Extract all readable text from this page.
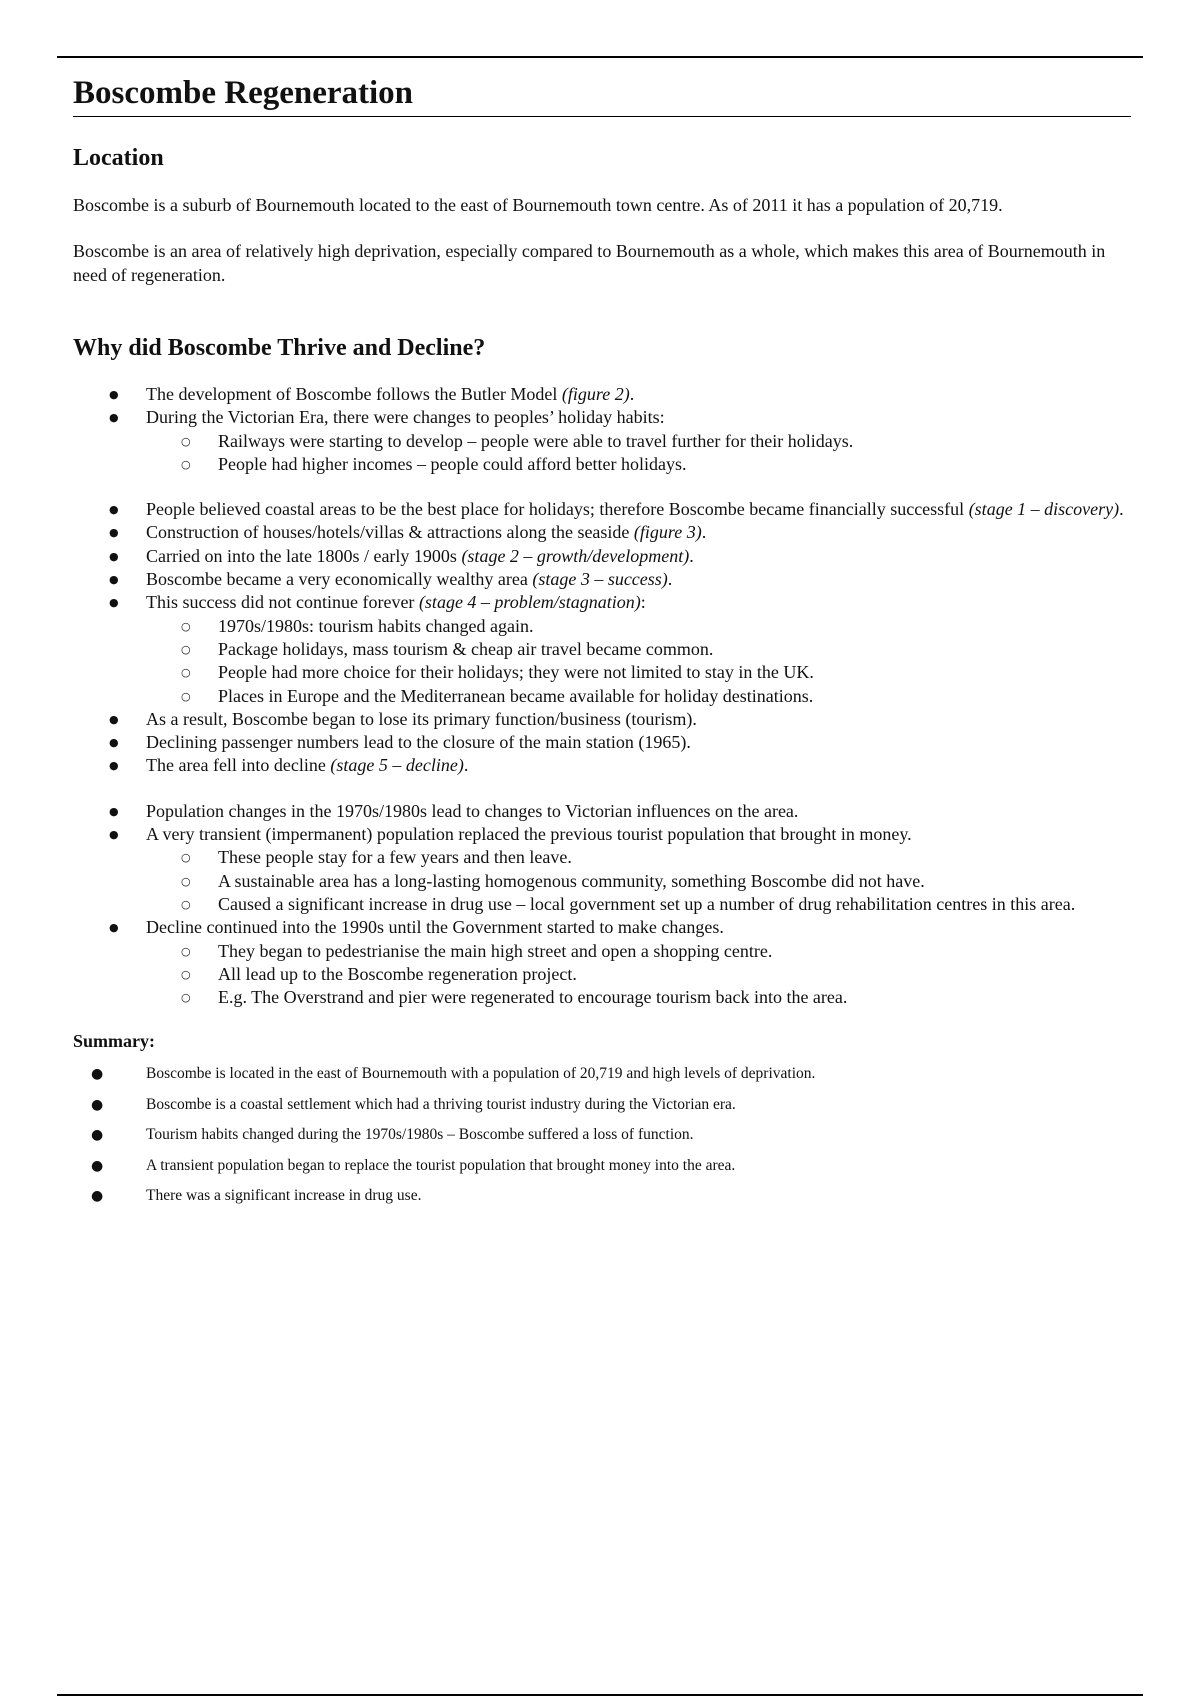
Boscombe Regeneration
Location

Boscombe is a suburb of Bournemouth located to the east of Bournemouth town centre. As of 2011 it has a population of 20,719.

Boscombe is an area of relatively high deprivation, especially compared to Bournemouth as a whole, which makes this area of Bournemouth in need of regeneration.

Why did Boscombe Thrive and Decline?
● The development of Boscombe follows the Butler Model (figure 2).
● During the Victorian Era, there were changes to peoples’ holiday habits:
○ Railways were starting to develop – people were able to travel further for their holidays.
○ People had higher incomes – people could afford better holidays.
● People believed coastal areas to be the best place for holidays; therefore Boscombe became financially successful (stage 1 – discovery).
● Construction of houses/hotels/villas & attractions along the seaside (figure 3).
● Carried on into the late 1800s / early 1900s (stage 2 – growth/development).
● Boscombe became a very economically wealthy area (stage 3 – success).
● This success did not continue forever (stage 4 – problem/stagnation):
○ 1970s/1980s: tourism habits changed again.
○ Package holidays, mass tourism & cheap air travel became common.
○ People had more choice for their holidays; they were not limited to stay in the UK.
○ Places in Europe and the Mediterranean became available for holiday destinations.
● As a result, Boscombe began to lose its primary function/business (tourism).
● Declining passenger numbers lead to the closure of the main station (1965).
● The area fell into decline (stage 5 – decline).
● Population changes in the 1970s/1980s lead to changes to Victorian influences on the area.
● A very transient (impermanent) population replaced the previous tourist population that brought in money.
○ These people stay for a few years and then leave.
○ A sustainable area has a long-lasting homogenous community, something Boscombe did not have.
○ Caused a significant increase in drug use – local government set up a number of drug rehabilitation centres in this area.
● Decline continued into the 1990s until the Government started to make changes.
○ They began to pedestrianise the main high street and open a shopping centre.
○ All lead up to the Boscombe regeneration project.
○ E.g. The Overstrand and pier were regenerated to encourage tourism back into the area.
Summary:
● Boscombe is located in the east of Bournemouth with a population of 20,719 and high levels of deprivation.
● Boscombe is a coastal settlement which had a thriving tourist industry during the Victorian era.
● Tourism habits changed during the 1970s/1980s – Boscombe suffered a loss of function.
● A transient population began to replace the tourist population that brought money into the area.
● There was a significant increase in drug use.
